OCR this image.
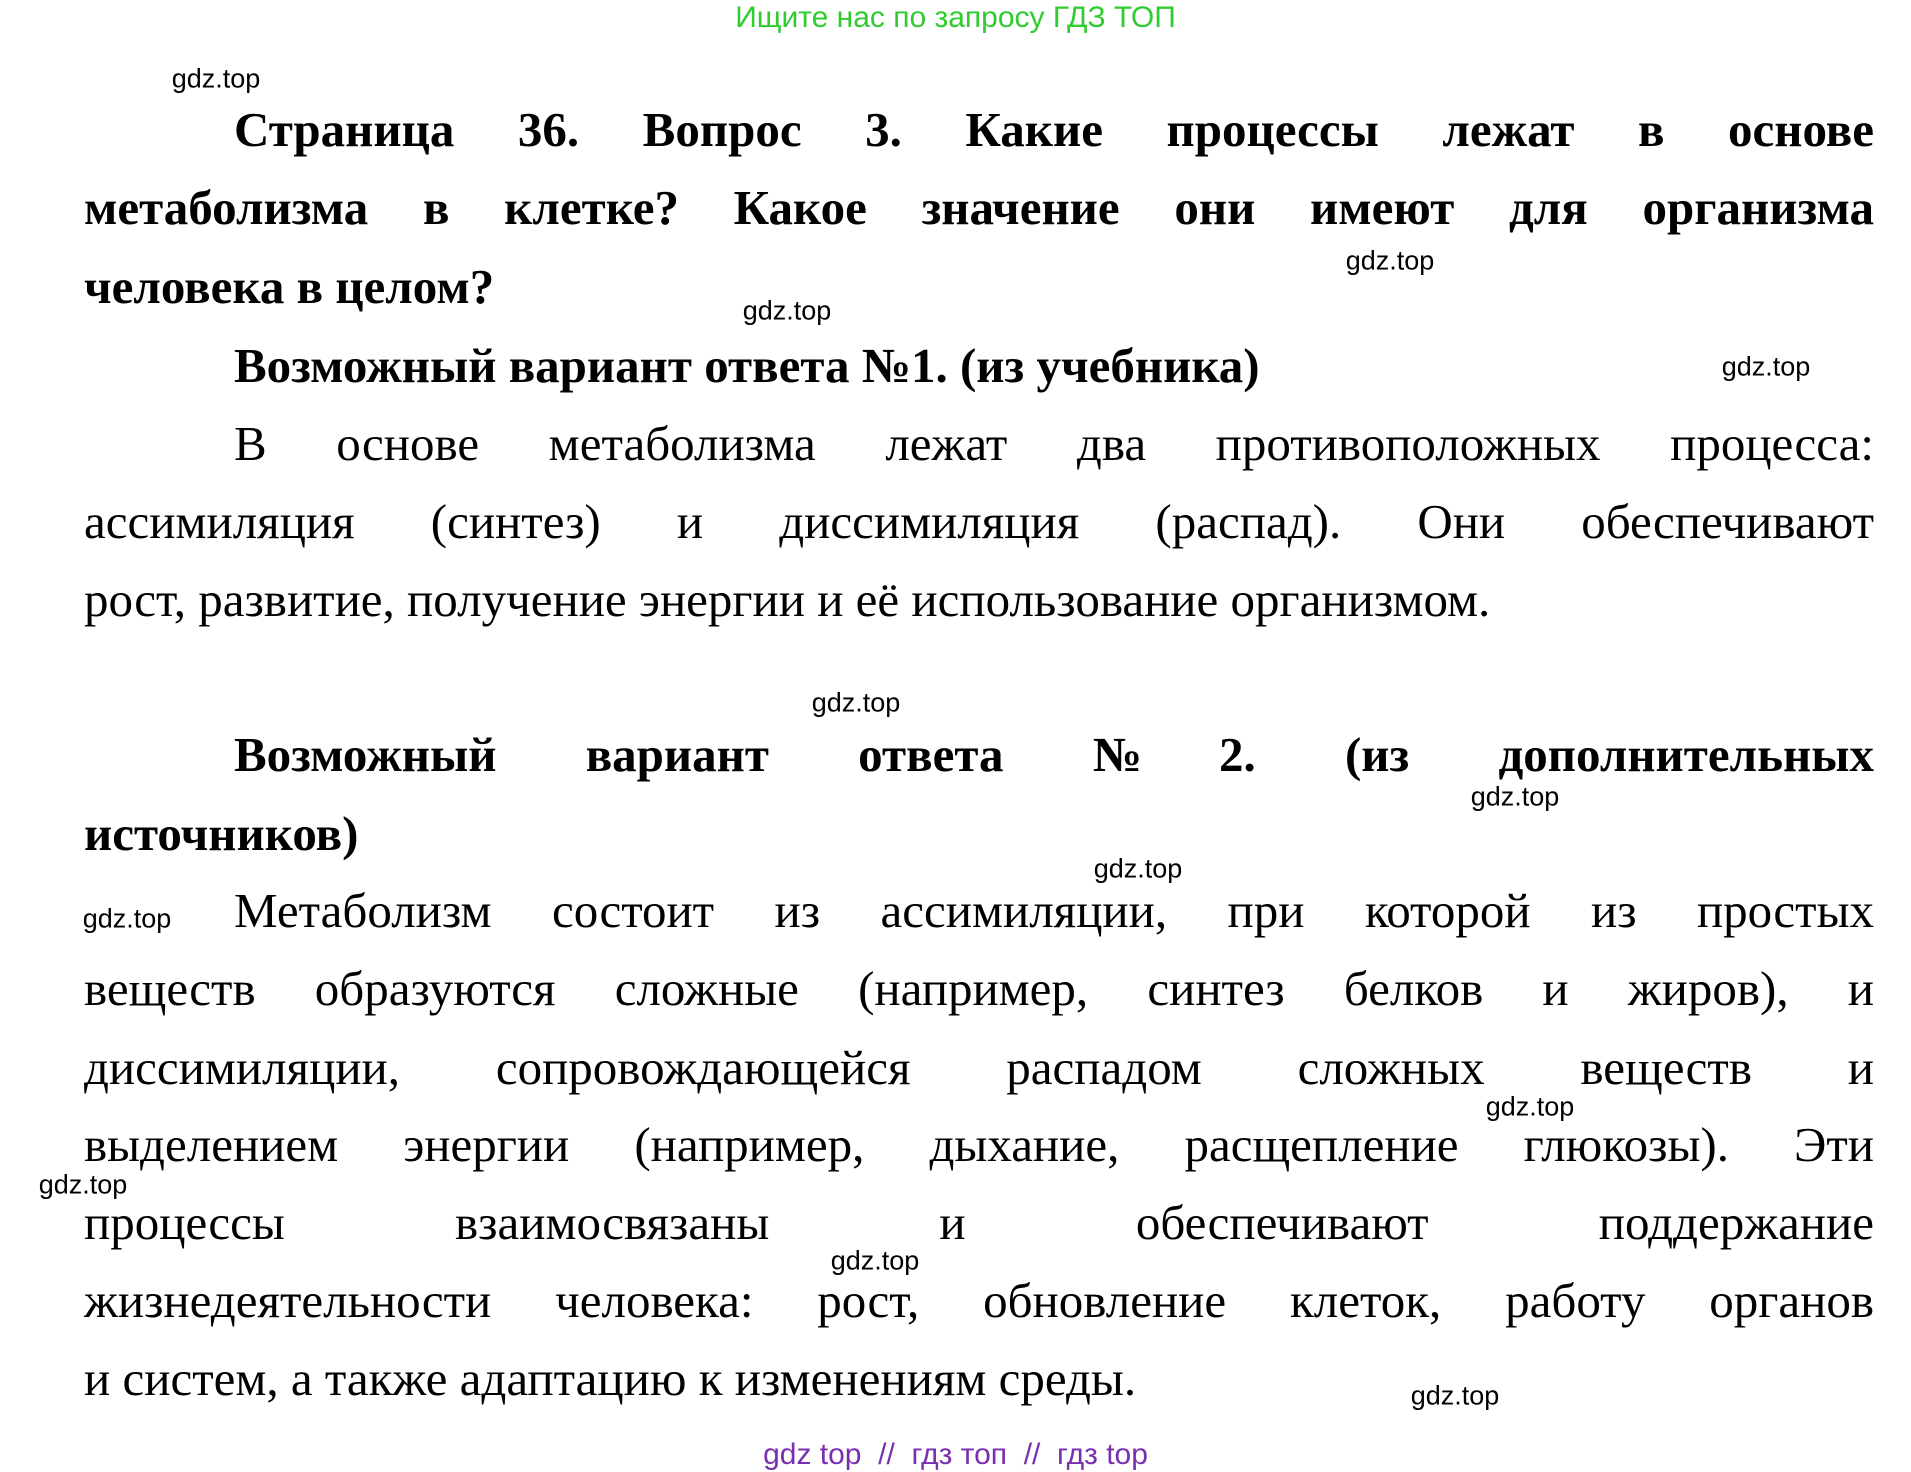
Ищите нас по запросу ГДЗ ТОП
Страница 36. Вопрос 3. Какие процессы лежат в основе
метаболизма в клетке? Какое значение они имеют для организма
человека в целом?
Возможный вариант ответа №1. (из учебника)
В основе метаболизма лежат два противоположных процесса:
ассимиляция (синтез) и диссимиляция (распад). Они обеспечивают
рост, развитие, получение энергии и её использование организмом.
Возможный вариант ответа №2. (из дополнительных
источников)
Метаболизм состоит из ассимиляции, при которой из простых
веществ образуются сложные (например, синтез белков и жиров), и
диссимиляции, сопровождающейся распадом сложных веществ и
выделением энергии (например, дыхание, расщепление глюкозы). Эти
процессы взаимосвязаны и обеспечивают поддержание
жизнедеятельности человека: рост, обновление клеток, работу органов
и систем, а также адаптацию к изменениям среды.
gdz.top
gdz.top
gdz.top
gdz.top
gdz.top
gdz.top
gdz.top
gdz.top
gdz.top
gdz.top
gdz.top
gdz.top
gdz top  //  гдз топ  //  гдз top
